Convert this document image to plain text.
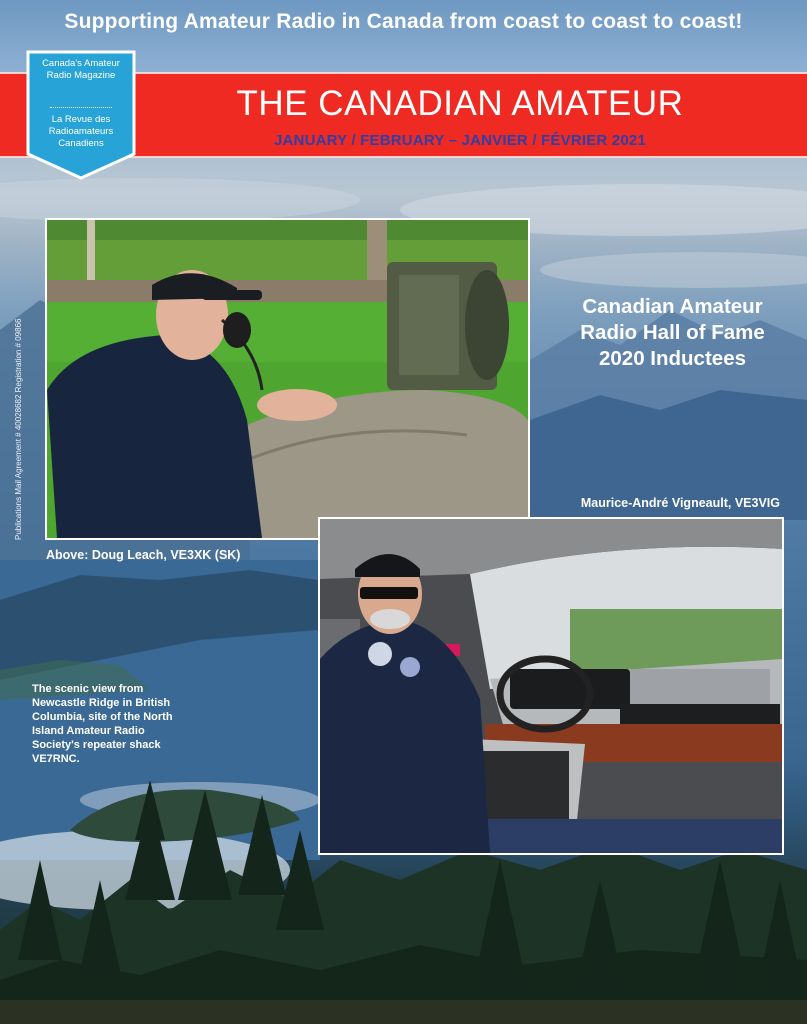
Supporting Amateur Radio in Canada from coast to coast to coast!
THE CANADIAN AMATEUR
JANUARY / FEBRUARY – JANVIER / FÉVRIER 2021
Canada's Amateur Radio Magazine
La Revue des Radioamateurs Canadiens
Canadian Amateur Radio Hall of Fame 2020 Inductees
Maurice-André Vigneault, VE3VIG
Above: Doug Leach, VE3XK (SK)
The scenic view from Newcastle Ridge in British Columbia, site of the North Island Amateur Radio Society's repeater shack VE7RNC.
Publications Mail Agreement # 40028682 Registration # 09866
